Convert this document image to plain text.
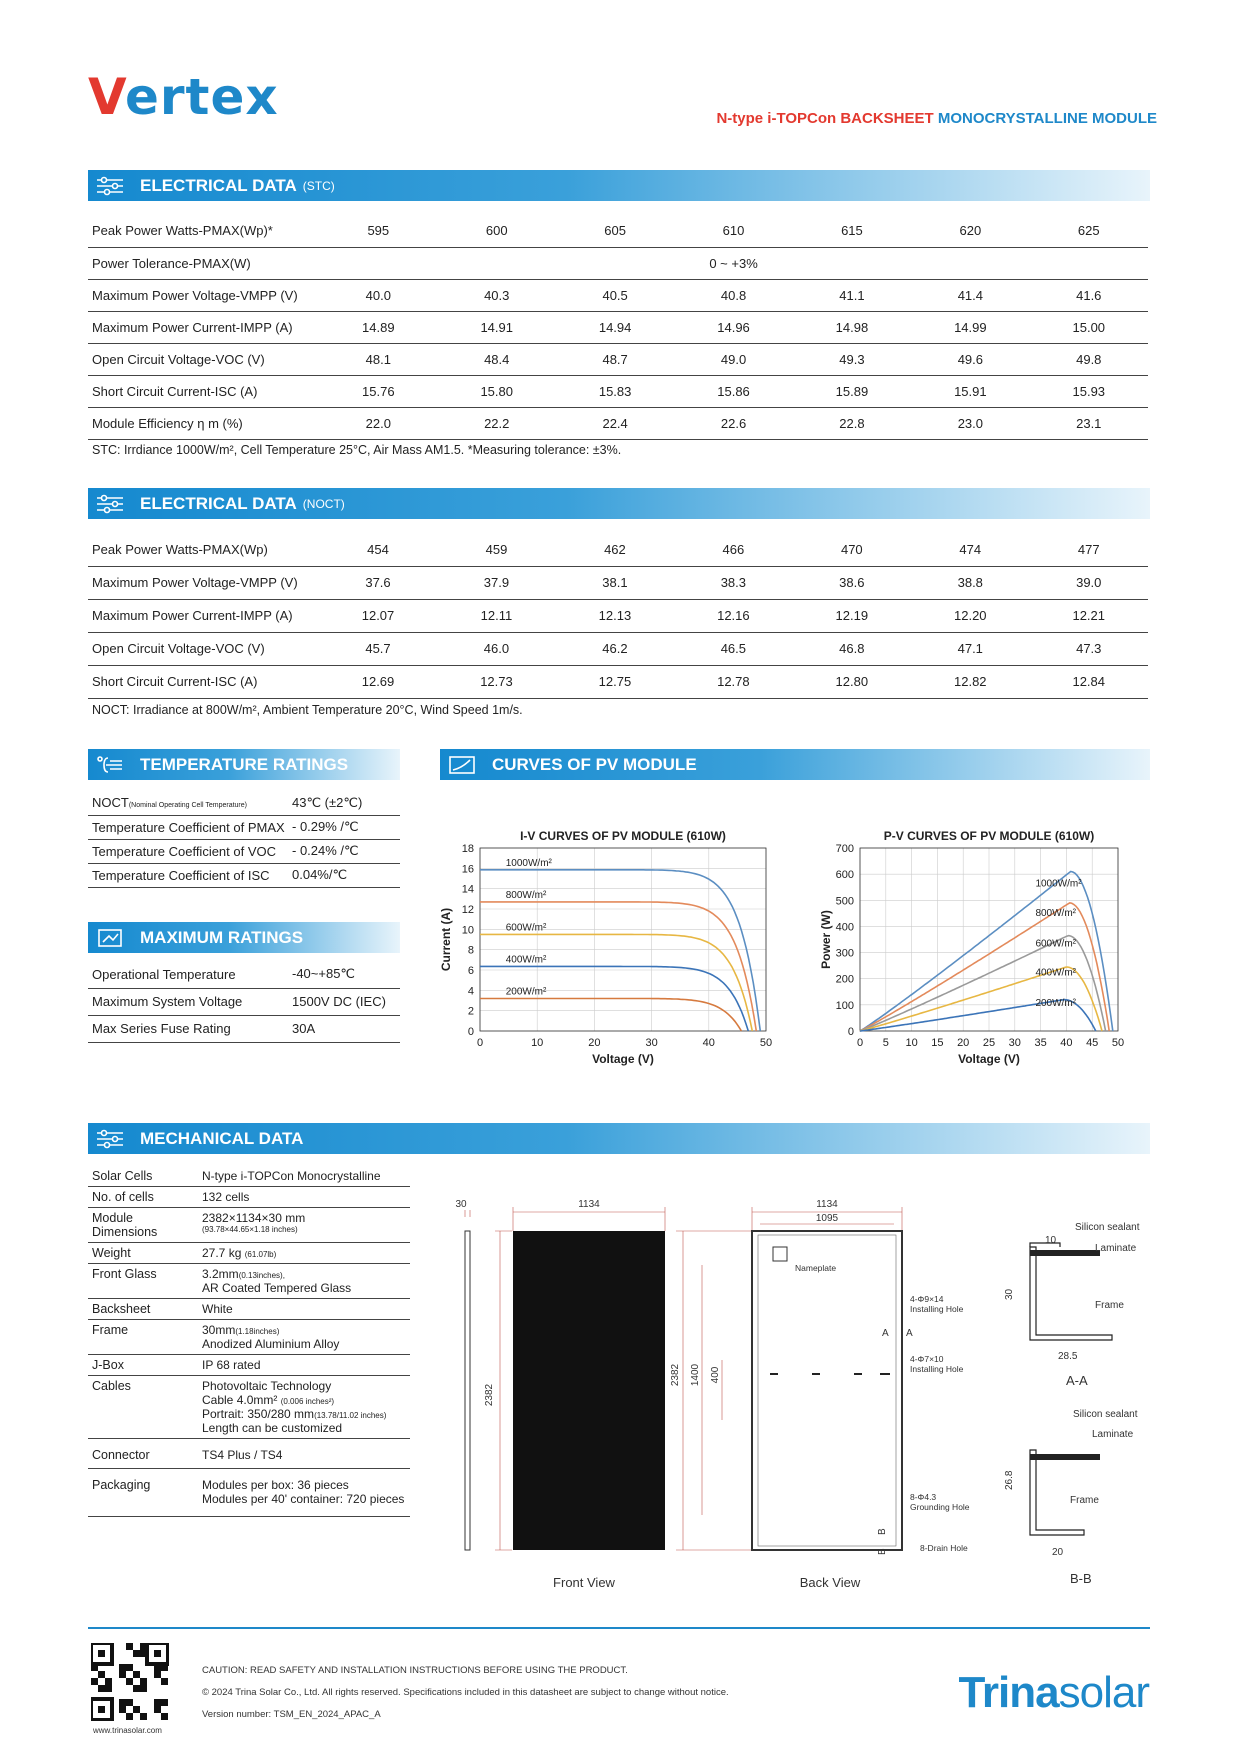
Vertex	N-type i-TOPCon BACKSHEET MONOCRYSTALLINE MODULE
ELECTRICAL DATA (STC)
Peak Power Watts-PMAX(Wp)*	595	600	605	610	615	620	625
Power Tolerance-PMAX(W)	0 ~ +3%						
Maximum Power Voltage-VMPP (V)	40.0	40.3	40.5	40.8	41.1	41.4	41.6
Maximum Power Current-IMPP (A)	14.89	14.91	14.94	14.96	14.98	14.99	15.00
Open Circuit Voltage-VOC (V)	48.1	48.4	48.7	49.0	49.3	49.6	49.8
Short Circuit Current-ISC (A)	15.76	15.80	15.83	15.86	15.89	15.91	15.93
Module Efficiency η m (%)	22.0	22.2	22.4	22.6	22.8	23.0	23.1
STC: Irrdiance 1000W/m², Cell Temperature 25°C, Air Mass AM1.5. *Measuring tolerance: ±3%.
ELECTRICAL DATA (NOCT)
Peak Power Watts-PMAX(Wp)	454	459	462	466	470	474	477
Maximum Power Voltage-VMPP (V)	37.6	37.9	38.1	38.3	38.6	38.8	39.0
Maximum Power Current-IMPP (A)	12.07	12.11	12.13	12.16	12.19	12.20	12.21
Open Circuit Voltage-VOC (V)	45.7	46.0	46.2	46.5	46.8	47.1	47.3
Short Circuit Current-ISC (A)	12.69	12.73	12.75	12.78	12.80	12.82	12.84
NOCT: Irradiance at 800W/m², Ambient Temperature 20°C, Wind Speed 1m/s.
TEMPERATURE RATINGS
NOCT(Nominal Operating Cell Temperature)	43℃ (±2℃)
Temperature Coefficient of PMAX	- 0.29% /℃
Temperature Coefficient of VOC	- 0.24% /℃
Temperature Coefficient of ISC	0.04%/℃
MAXIMUM RATINGS
Operational Temperature	-40~+85℃
Maximum System Voltage	1500V DC (IEC)
Max Series Fuse Rating	30A
CURVES OF PV MODULE
0
2
4
6
8
10
12
14
16
18
0	10	20	30	40	50
I-V CURVES OF PV MODULE (610W)
Voltage (V)
Current (A)
1000W/m²
800W/m²
600W/m²
400W/m²
200W/m²
0
100
200
300
400
500
600
700
0 5 10 15 20 25 30 35 40 45 50
P-V CURVES OF PV MODULE (610W)
Voltage (V)
Power (W)
1000W/m²
800W/m²
600W/m²
400W/m²
200W/m²
MECHANICAL DATA
Solar Cells	N-type i-TOPCon Monocrystalline
No. of cells	132 cells
Module Dimensions	2382×1134×30 mm
(93.78×44.65×1.18 inches)

Weight	27.7 kg (61.07lb)
Front Glass	3.2mm(0.13inches),
AR Coated Tempered Glass

Backsheet	White
Frame	30mm(1.18inches)
Anodized Aluminium Alloy

J-Box	IP 68 rated
Cables	Photovoltaic Technology
Cable 4.0mm² (0.006 inches²)
Portrait: 350/280 mm(13.78/11.02 inches)
Length can be customized

Connector	TS4 Plus / TS4
Packaging	Modules per box: 36 pieces
Modules per 40' container: 720 pieces
30	1134
2382
1134
1095
2382 1400 400
Nameplate
4-Φ9×14
Installing Hole
4-Φ7×10
Installing Hole
8-Φ4.3
Grounding Hole
8-Drain Hole
A A
B
B
Front View	Back View
Silicon sealant
Laminate
Frame
10
30
28.5
A-A
Silicon sealant
Laminate
Frame
26.8
20
B-B
www.trinasolar.com
CAUTION: READ SAFETY AND INSTALLATION INSTRUCTIONS BEFORE USING THE PRODUCT.
© 2024 Trina Solar Co., Ltd. All rights reserved. Specifications included in this datasheet are subject to change without notice.
Version number: TSM_EN_2024_APAC_A	Trinasolar
